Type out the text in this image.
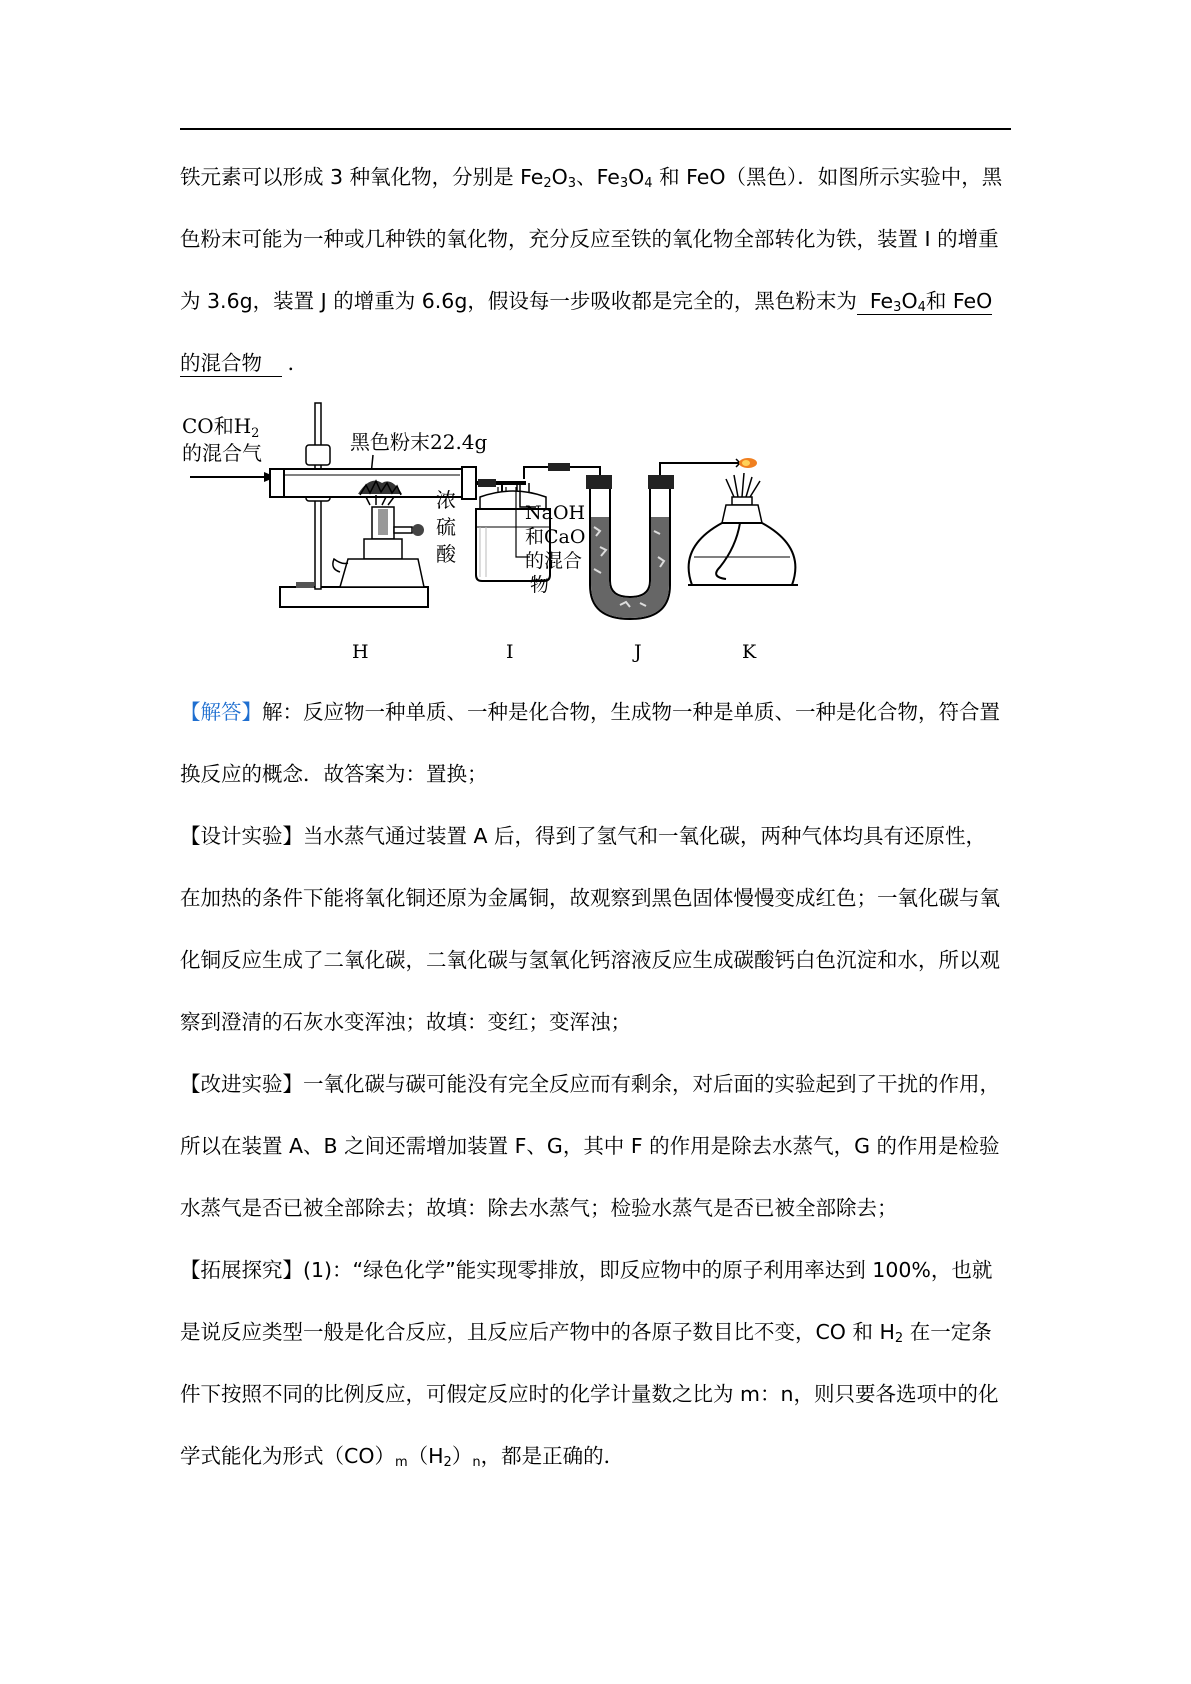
铁元素可以形成 3 种氧化物，分别是 $Fe_2O_3$、$Fe_3O_4$ 和 FeO（黑色）．如图所示实验中，黑

色粉末可能为一种或几种铁的氧化物，充分反应至铁的氧化物全部转化为铁，装置 I 的增重

为 3.6g，装置 J 的增重为 6.6g，假设每一步吸收都是完全的，黑色粉末为  $Fe_3O_4$和 FeO

的混合物   ．

CO和$H_2$
的混合气	黑色粉末22.4g
浓
硫
酸
NaOH
和CaO
的混合
物
H	I	J	K

【解答】解：反应物一种单质、一种是化合物，生成物一种是单质、一种是化合物，符合置

换反应的概念．故答案为：置换；

【设计实验】当水蒸气通过装置 A 后，得到了氢气和一氧化碳，两种气体均具有还原性，

在加热的条件下能将氧化铜还原为金属铜，故观察到黑色固体慢慢变成红色；一氧化碳与氧

化铜反应生成了二氧化碳，二氧化碳与氢氧化钙溶液反应生成碳酸钙白色沉淀和水，所以观

察到澄清的石灰水变浑浊；故填：变红；变浑浊；

【改进实验】一氧化碳与碳可能没有完全反应而有剩余，对后面的实验起到了干扰的作用，

所以在装置 A、B 之间还需增加装置 F、G，其中 F 的作用是除去水蒸气，G 的作用是检验

水蒸气是否已被全部除去；故填：除去水蒸气；检验水蒸气是否已被全部除去；

【拓展探究】(1)：“绿色化学”能实现零排放，即反应物中的原子利用率达到 100%，也就

是说反应类型一般是化合反应，且反应后产物中的各原子数目比不变，CO 和 $H_2$ 在一定条

件下按照不同的比例反应，可假定反应时的化学计量数之比为 m：n，则只要各选项中的化

学式能化为形式$(CO)_m(H_2)_n$，都是正确的．
